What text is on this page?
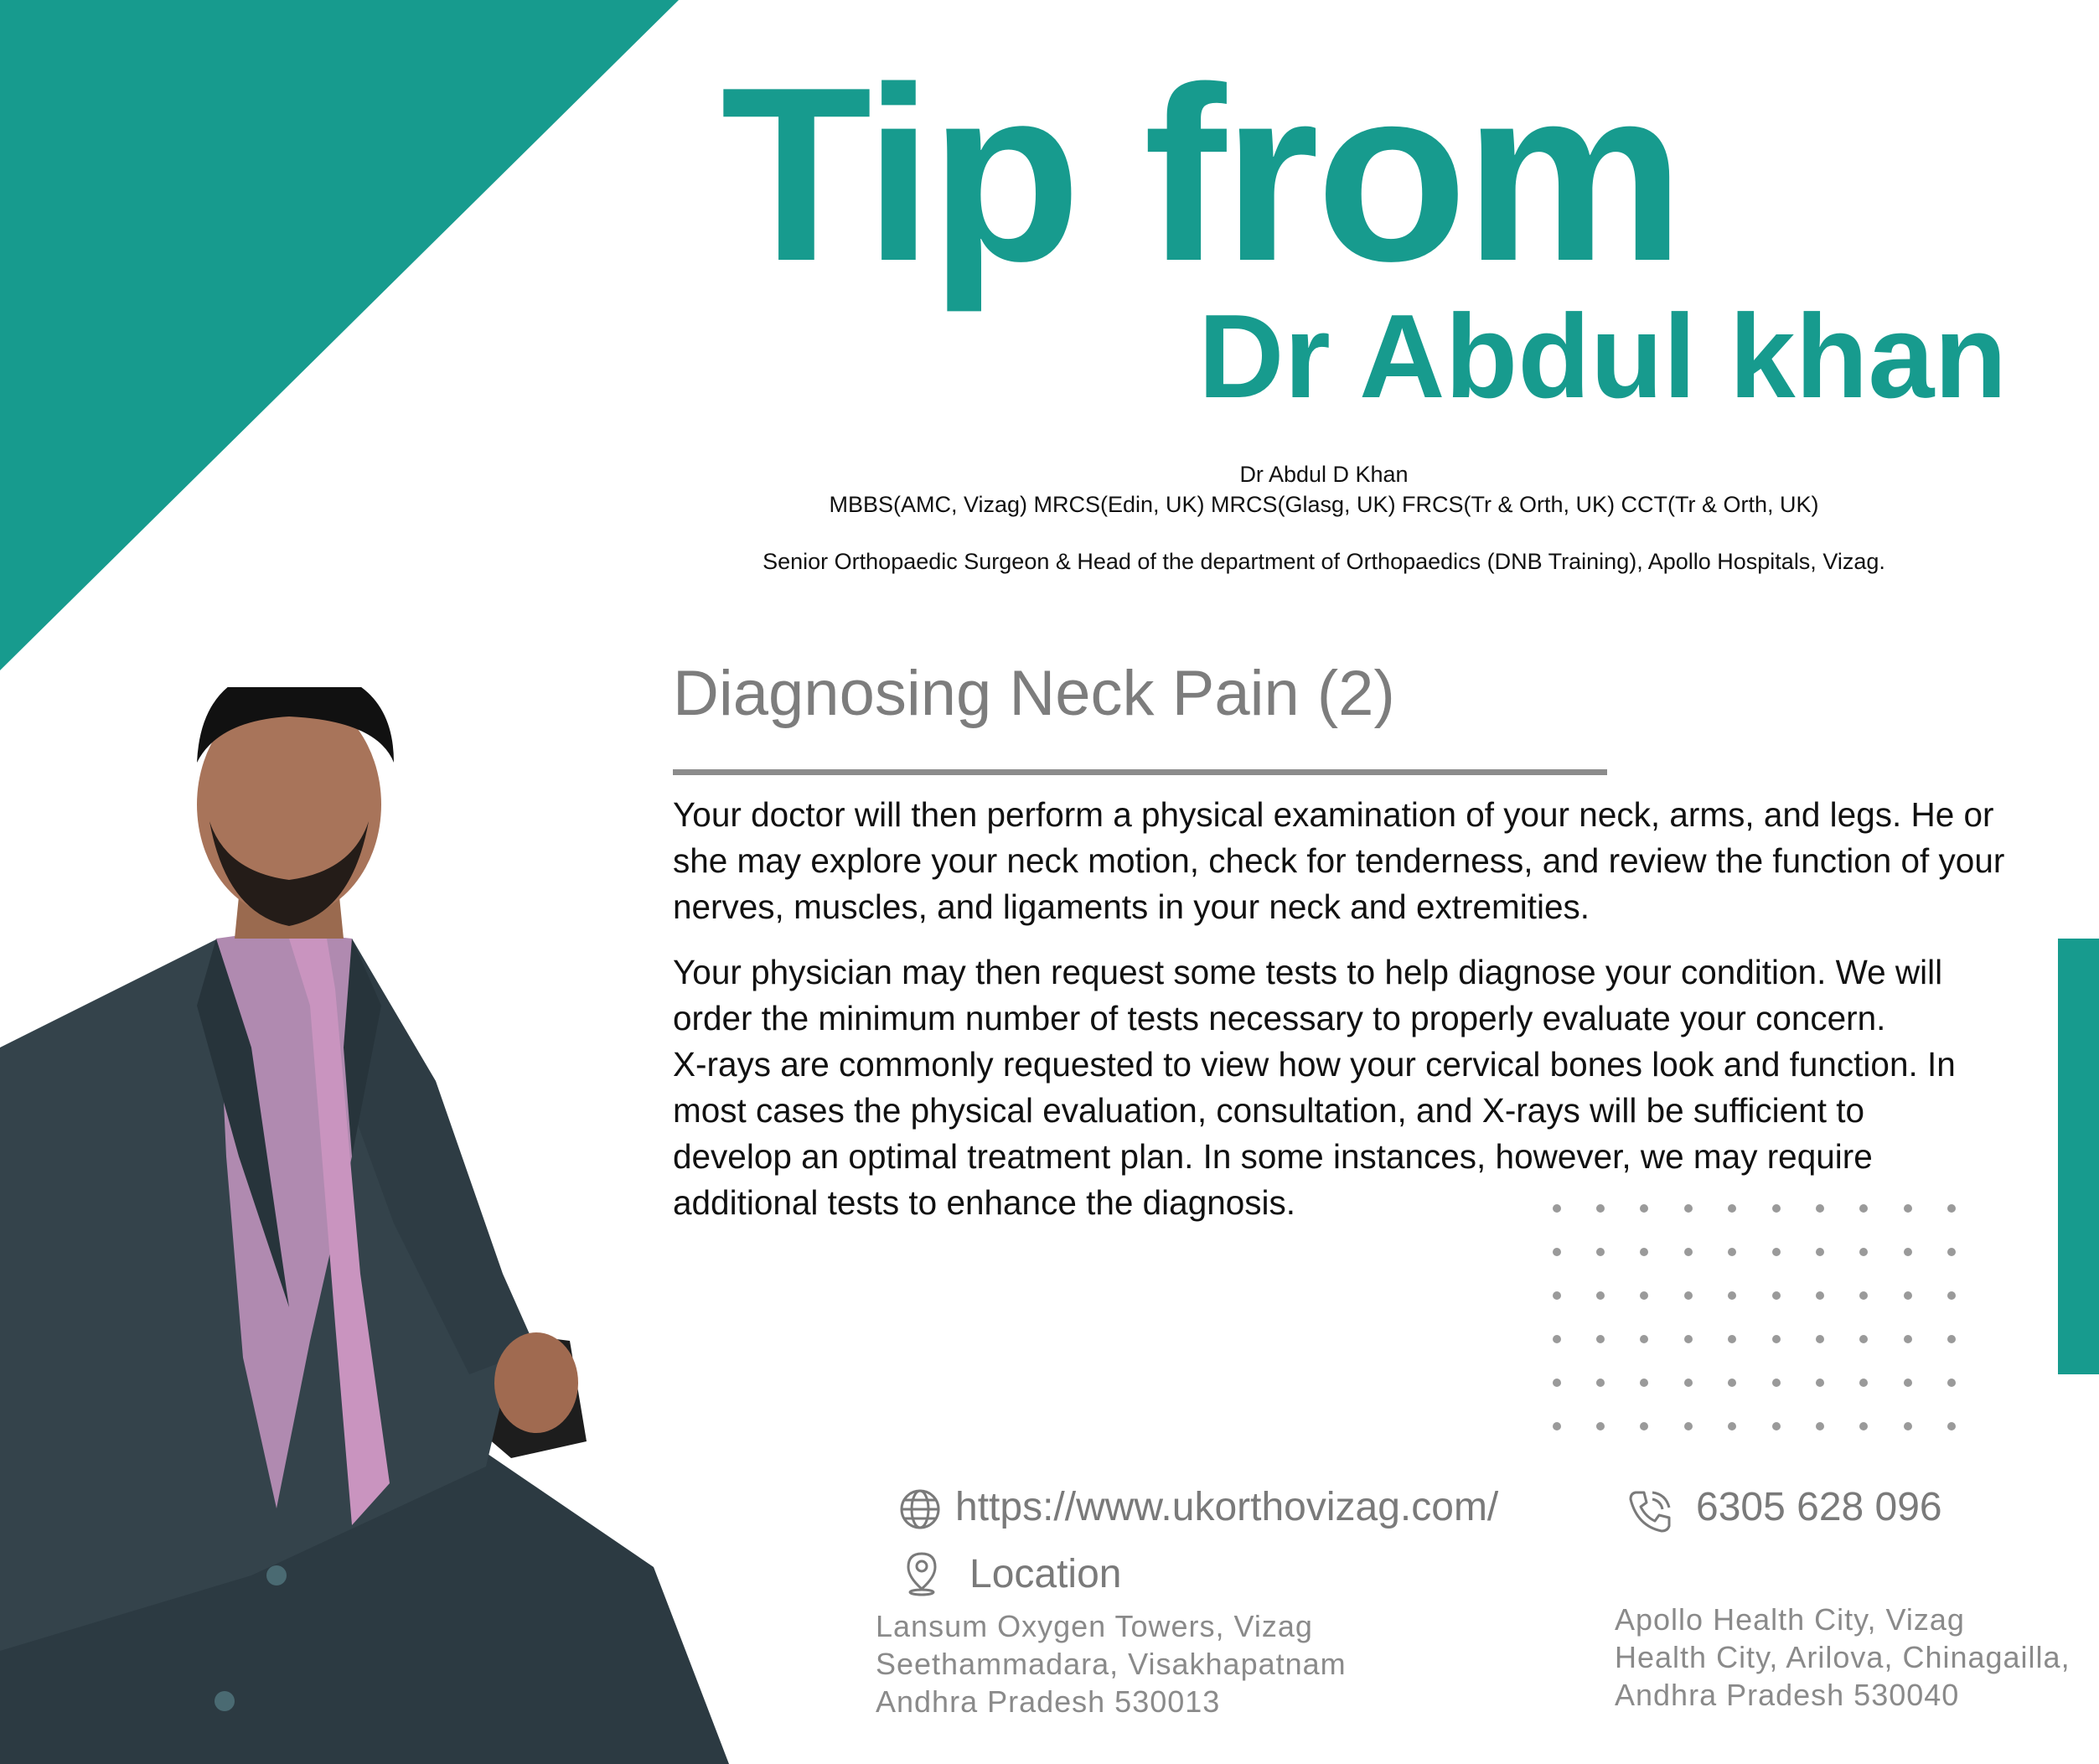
Tip from
Dr Abdul khan
Dr Abdul D Khan
MBBS(AMC, Vizag) MRCS(Edin, UK) MRCS(Glasg, UK) FRCS(Tr & Orth, UK) CCT(Tr & Orth, UK)
Senior Orthopaedic Surgeon & Head of the department of Orthopaedics (DNB Training), Apollo Hospitals, Vizag.
Diagnosing Neck Pain (2)
Your doctor will then perform a physical examination of your neck, arms, and legs. He or
she may explore your neck motion, check for tenderness, and review the function of your
nerves, muscles, and ligaments in your neck and extremities.
Your physician may then request some tests to help diagnose your condition. We will
order the minimum number of tests necessary to properly evaluate your concern.
X-rays are commonly requested to view how your cervical bones look and function. In
most cases the physical evaluation, consultation, and X-rays will be sufficient to
develop an optimal treatment plan. In some instances, however, we may require
additional tests to enhance the diagnosis.
https://www.ukorthovizag.com/	6305 628 096
Location
Lansum Oxygen Towers, Vizag
Seethammadara, Visakhapatnam
Andhra Pradesh 530013
Apollo Health City, Vizag
Health City, Arilova, Chinagailla,
Andhra Pradesh 530040
